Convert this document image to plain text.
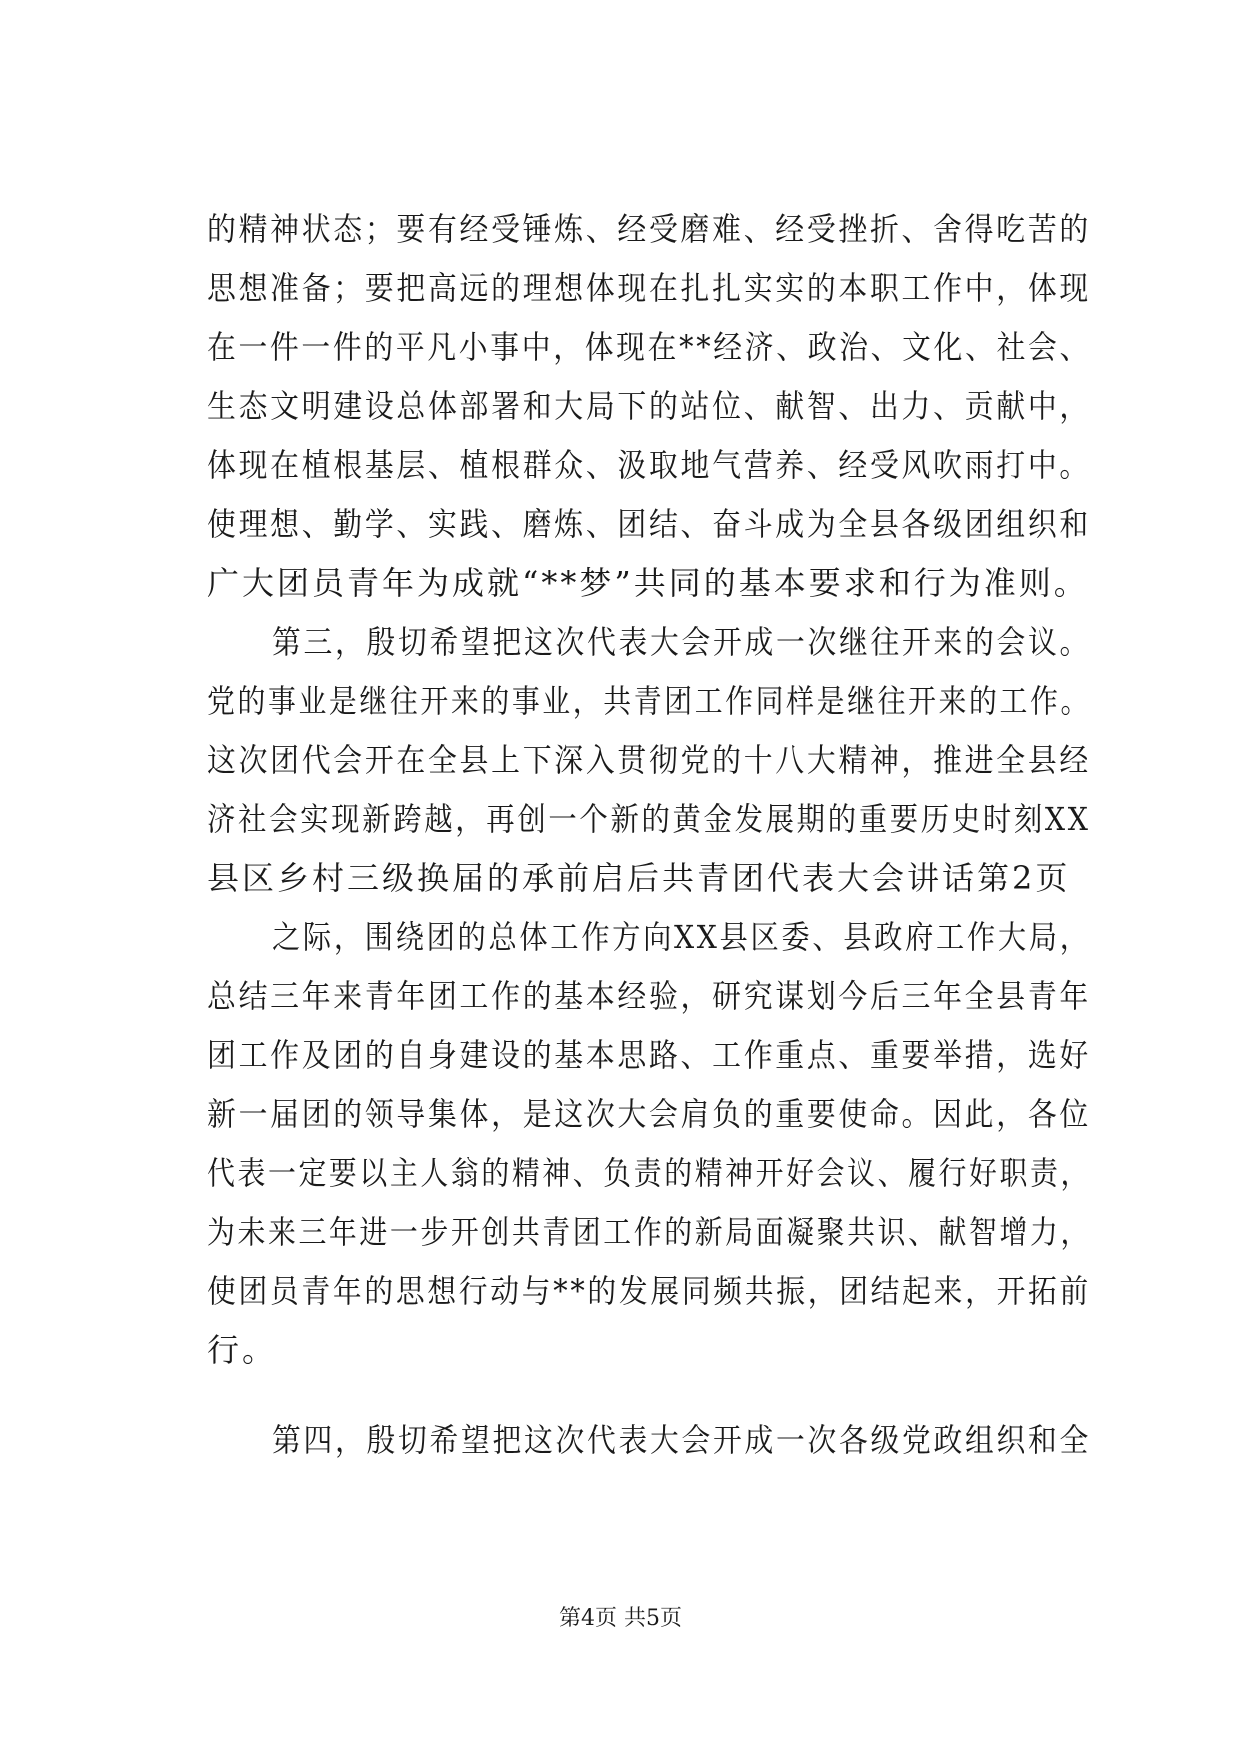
的精神状态；要有经受锤炼、经受磨难、经受挫折、舍得吃苦的
思想准备；要把高远的理想体现在扎扎实实的本职工作中，体现
在一件一件的平凡小事中，体现在**经济、政治、文化、社会、
生态文明建设总体部署和大局下的站位、献智、出力、贡献中，
体现在植根基层、植根群众、汲取地气营养、经受风吹雨打中。
使理想、勤学、实践、磨炼、团结、奋斗成为全县各级团组织和
广大团员青年为成就“**梦”共同的基本要求和行为准则。
第三，殷切希望把这次代表大会开成一次继往开来的会议。
党的事业是继往开来的事业，共青团工作同样是继往开来的工作。
这次团代会开在全县上下深入贯彻党的十八大精神，推进全县经
济社会实现新跨越，再创一个新的黄金发展期的重要历史时刻XX
县区乡村三级换届的承前启后共青团代表大会讲话第2页
之际，围绕团的总体工作方向XX县区委、县政府工作大局，
总结三年来青年团工作的基本经验，研究谋划今后三年全县青年
团工作及团的自身建设的基本思路、工作重点、重要举措，选好
新一届团的领导集体，是这次大会肩负的重要使命。因此，各位
代表一定要以主人翁的精神、负责的精神开好会议、履行好职责，
为未来三年进一步开创共青团工作的新局面凝聚共识、献智增力，
使团员青年的思想行动与**的发展同频共振，团结起来，开拓前
行。
第四，殷切希望把这次代表大会开成一次各级党政组织和全
第4页 共5页
